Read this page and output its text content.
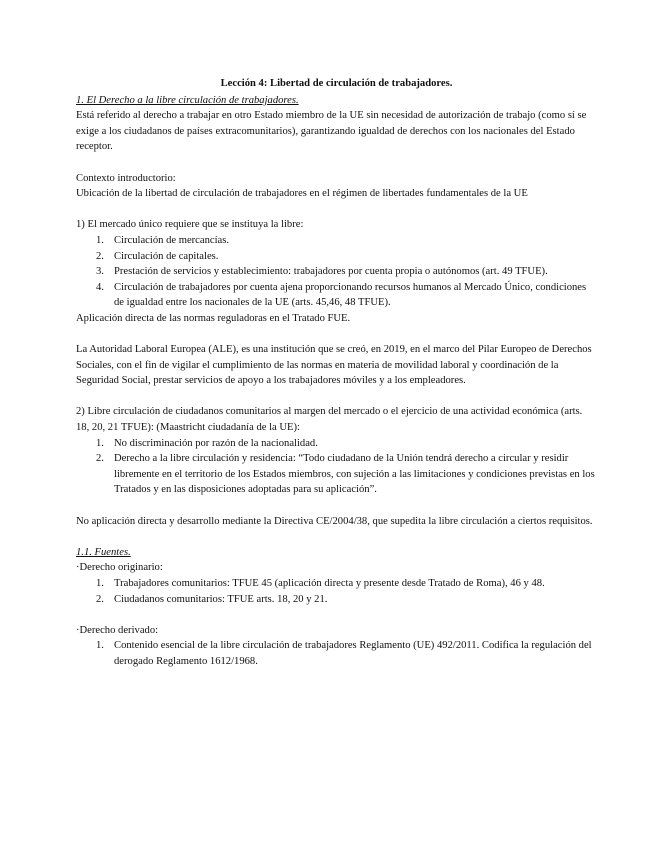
Lección 4: Libertad de circulación de trabajadores.

1. El Derecho a la libre circulación de trabajadores.

Está referido al derecho a trabajar en otro Estado miembro de la UE sin necesidad de autorización de trabajo (como sí se exige a los ciudadanos de países extracomunitarios), garantizando igualdad de derechos con los nacionales del Estado receptor.

Contexto introductorio:

Ubicación de la libertad de circulación de trabajadores en el régimen de libertades fundamentales de la UE

1) El mercado único requiere que se instituya la libre:

1. Circulación de mercancías.
2. Circulación de capitales.
3. Prestación de servicios y establecimiento: trabajadores por cuenta propia o autónomos (art. 49 TFUE).
4. Circulación de trabajadores por cuenta ajena proporcionando recursos humanos al Mercado Único, condiciones de igualdad entre los nacionales de la UE (arts. 45,46, 48 TFUE).

Aplicación directa de las normas reguladoras en el Tratado FUE.

La Autoridad Laboral Europea (ALE), es una institución que se creó, en 2019, en el marco del Pilar Europeo de Derechos Sociales, con el fin de vigilar el cumplimiento de las normas en materia de movilidad laboral y coordinación de la Seguridad Social, prestar servicios de apoyo a los trabajadores móviles y a los empleadores.

2) Libre circulación de ciudadanos comunitarios al margen del mercado o el ejercicio de una actividad económica (arts. 18, 20, 21 TFUE): (Maastricht ciudadanía de la UE):

1. No discriminación por razón de la nacionalidad.
2. Derecho a la libre circulación y residencia: “Todo ciudadano de la Unión tendrá derecho a circular y residir libremente en el territorio de los Estados miembros, con sujeción a las limitaciones y condiciones previstas en los Tratados y en las disposiciones adoptadas para su aplicación”.

No aplicación directa y desarrollo mediante la Directiva CE/2004/38, que supedita la libre circulación a ciertos requisitos.

1.1. Fuentes.

·Derecho originario:

1. Trabajadores comunitarios: TFUE 45 (aplicación directa y presente desde Tratado de Roma), 46 y 48.
2. Ciudadanos comunitarios: TFUE arts. 18, 20 y 21.

·Derecho derivado:

1. Contenido esencial de la libre circulación de trabajadores Reglamento (UE) 492/2011. Codifica la regulación del derogado Reglamento 1612/1968.
